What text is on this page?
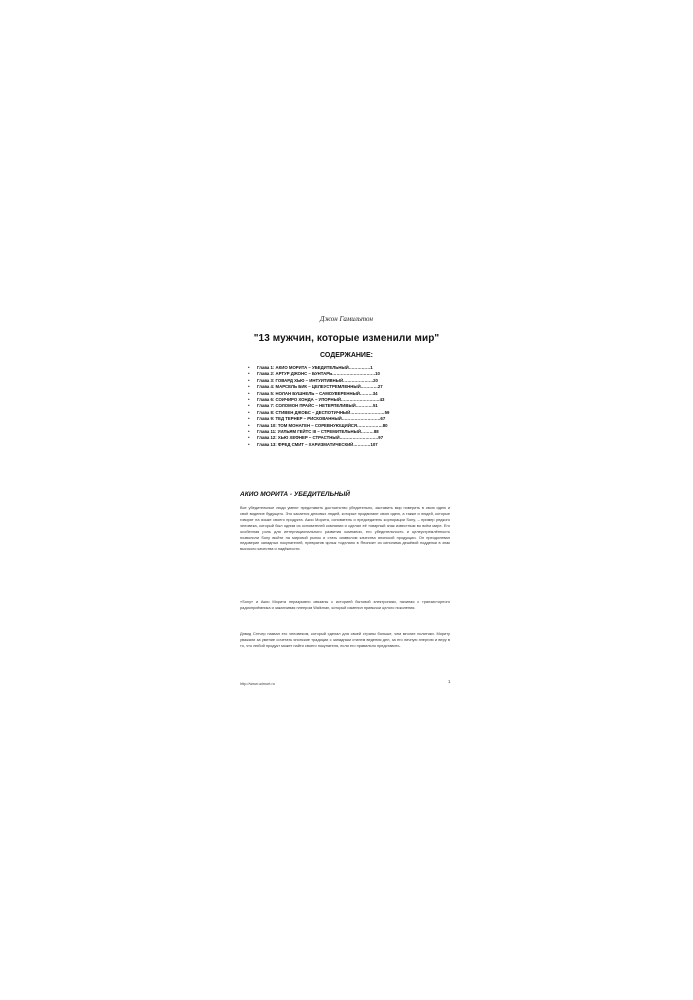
Джон Гамильтон
"13 мужчин, которые изменили мир"
СОДЕРЖАНИЕ:
• Глава 1: АКИО МОРИТА – УБЕДИТЕЛЬНЫЙ……………1
• Глава 2: АРТУР ДЖОНС – БУНТАРЬ…………………………10
• Глава 3: ГОВАРД ХЬЮ – ИНТУИТИВНЫЙ…………………20
• Глава 4: МАРСЕЛЬ БИК – ЦЕЛЕУСТРЕМЛЕННЫЙ…………27
• Глава 5: НОЛАН БУШНЕЛЬ – САМОУВЕРЕННЫЙ………34
• Глава 6: СОИЧИРО ХОНДА – УПОРНЫЙ………………………43
• Глава 7: СОЛОМОН ПРАЙС – НЕТЕРПЕЛИВЫЙ…………51
• Глава 8: СТИВЕН ДЖОБС – ДЕСПОТИЧНЫЙ……………………59
• Глава 9: ТЕД ТЕРНЕР – РИСКОВАННЫЙ………………………67
• Глава 10: ТОМ МОНАГЕН – СОРЕВНУЮЩИЙСЯ………………80
• Глава 11: УИЛЬЯМ ГЕЙТС III – СТРЕМИТЕЛЬНЫЙ………88
• Глава 12: ХЬЮ ХЕФНЕР – СТРАСТНЫЙ………………………97
• Глава 13: ФРЕД СМИТ – ХАРИЗМАТИЧЕСКИЙ…………107
АКИО МОРИТА - УБЕДИТЕЛЬНЫЙ

Все убедительные люди умеют представить достоинство убедительно, заставить мир поверить в свою идею и своё видение будущего. Это касается деловых людей, которые продвигают свою идею, а также и людей, которые говорят на языке своего продукта. Акио Морита, основатель и председатель корпорации Sony, – пример редкого человека, который был одним из основателей компании и сделал её товарный знак известным во всём мире. Его особенная роль для интернационального развития компании, его убедительность и целеустремлённость позволили Sony выйти на мировой рынок и стать символом качества японской продукции. Он преодолевал недоверие западных покупателей, превратив ярлык «сделано в Японии» из синонима дешёвой подделки в знак высокого качества и надёжности.

«Sony» и Акио Морита неразрывно связаны с историей бытовой электроники, начиная с транзисторного радиоприёмника и заканчивая плеером Walkman, который изменил привычки целого поколения.

Дэвид Сэтчер назвал его человеком, который сделал для своей страны больше, чем многие политики. Мориту уважали за умение сочетать японские традиции с западным стилем ведения дел, за его личную энергию и веру в то, что любой продукт может найти своего покупателя, если его правильно представить.

http://www.udmurt.ru	1
